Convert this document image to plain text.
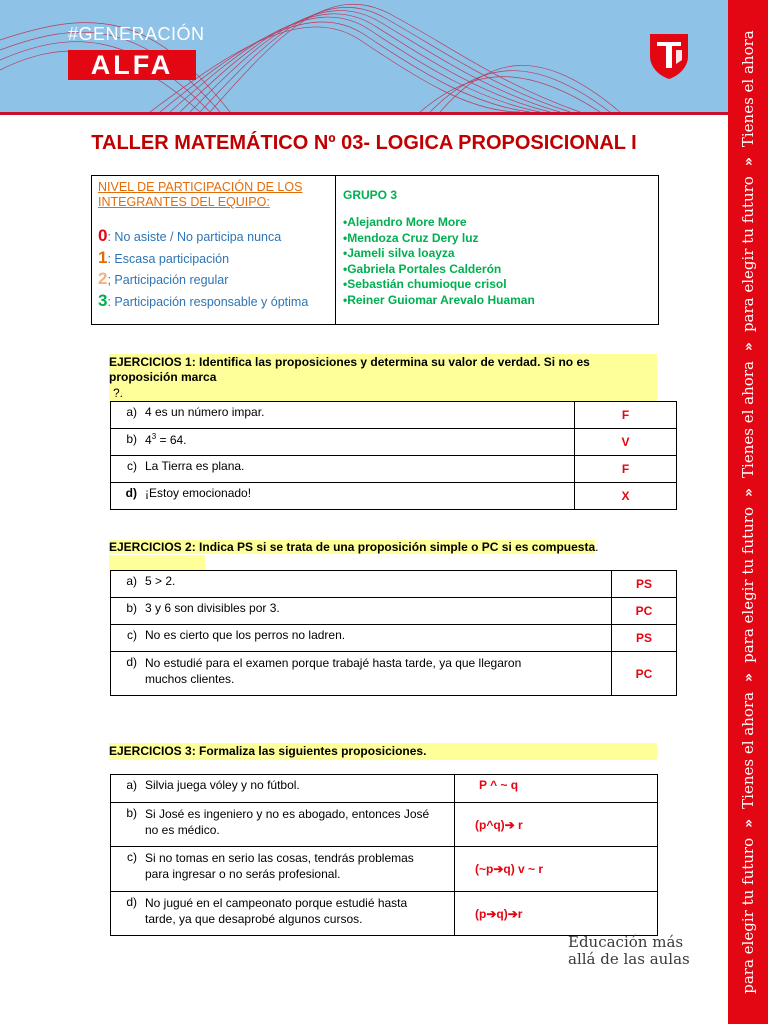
#GENERACIÓN
ALFA
para elegir tu futuro»Tienes el ahora»para elegir tu futuro»Tienes el ahora»para elegir tu futuro»Tienes el ahora
TALLER MATEMÁTICO Nº 03- LOGICA PROPOSICIONAL I
NIVEL DE PARTICIPACIÓN DE LOS INTEGRANTES DEL EQUIPO:
0: No asiste / No participa nunca
1: Escasa participación
2; Participación regular
3: Participación responsable y óptima
GRUPO 3
•Alejandro More More
•Mendoza Cruz Dery luz
•Jameli silva loayza
•Gabriela Portales Calderón
•Sebastián chumioque crisol
•Reiner Guiomar Arevalo Huaman
EJERCICIOS 1: Identifica las proposiciones y determina su valor de verdad. Si no es proposición marca
?.
a) 4 es un número impar.	F
b) $4^3 = 64$.	V
c) La Tierra es plana.	F
d) ¡Estoy emocionado!	X
EJERCICIOS 2: Indica PS si se trata de una proposición simple o PC si es compuesta.
a) 5 > 2.	PS
b) 3 y 6 son divisibles por 3.	PC
c) No es cierto que los perros no ladren.	PS
d) No estudié para el examen porque trabajé hasta tarde, ya que llegaron muchos clientes.	PC
EJERCICIOS 3: Formaliza las siguientes proposiciones.
a) Silvia juega vóley y no fútbol.	P ^ ~ q
b) Si José es ingeniero y no es abogado, entonces José no es médico.	(p^q)➔ r
c) Si no tomas en serio las cosas, tendrás problemas para ingresar o no serás profesional.	(~p➔q) v ~ r
d) No jugué en el campeonato porque estudié hasta tarde, ya que desaprobé algunos cursos.	(p➔q)➔r
Educación más
allá de las aulas
